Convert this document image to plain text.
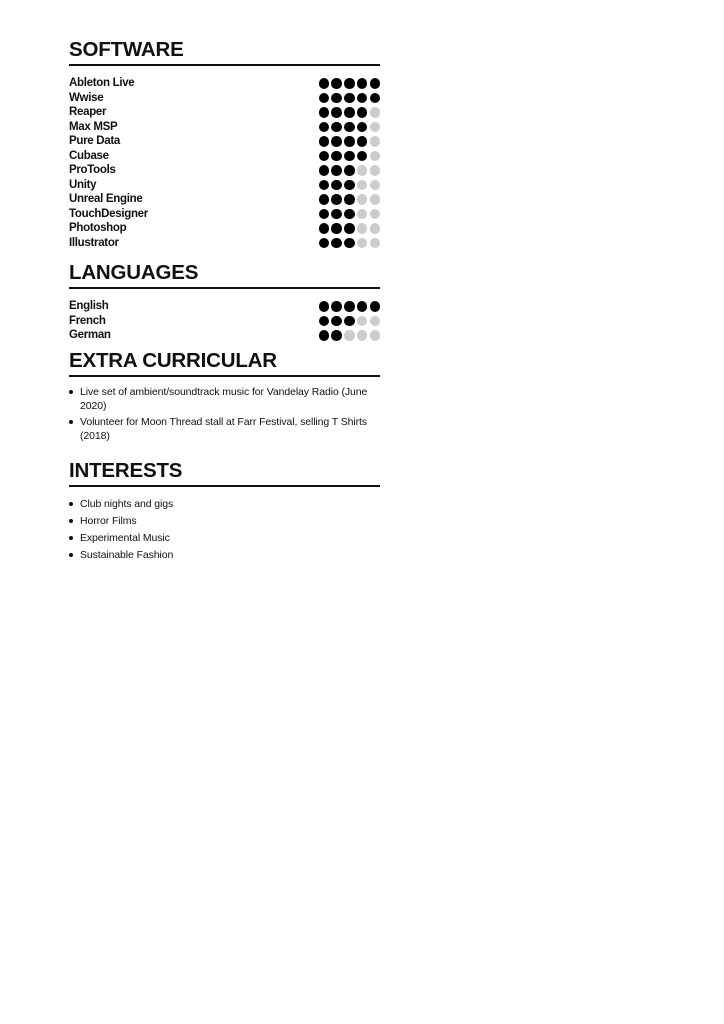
SOFTWARE
Ableton Live
Wwise
Reaper
Max MSP
Pure Data
Cubase
ProTools
Unity
Unreal Engine
TouchDesigner
Photoshop
Illustrator
LANGUAGES
English
French
German
EXTRA CURRICULAR
Live set of ambient/soundtrack music for Vandelay Radio (June 2020)
Volunteer for Moon Thread stall at Farr Festival, selling T Shirts (2018)
INTERESTS
Club nights and gigs
Horror Films
Experimental Music
Sustainable Fashion
